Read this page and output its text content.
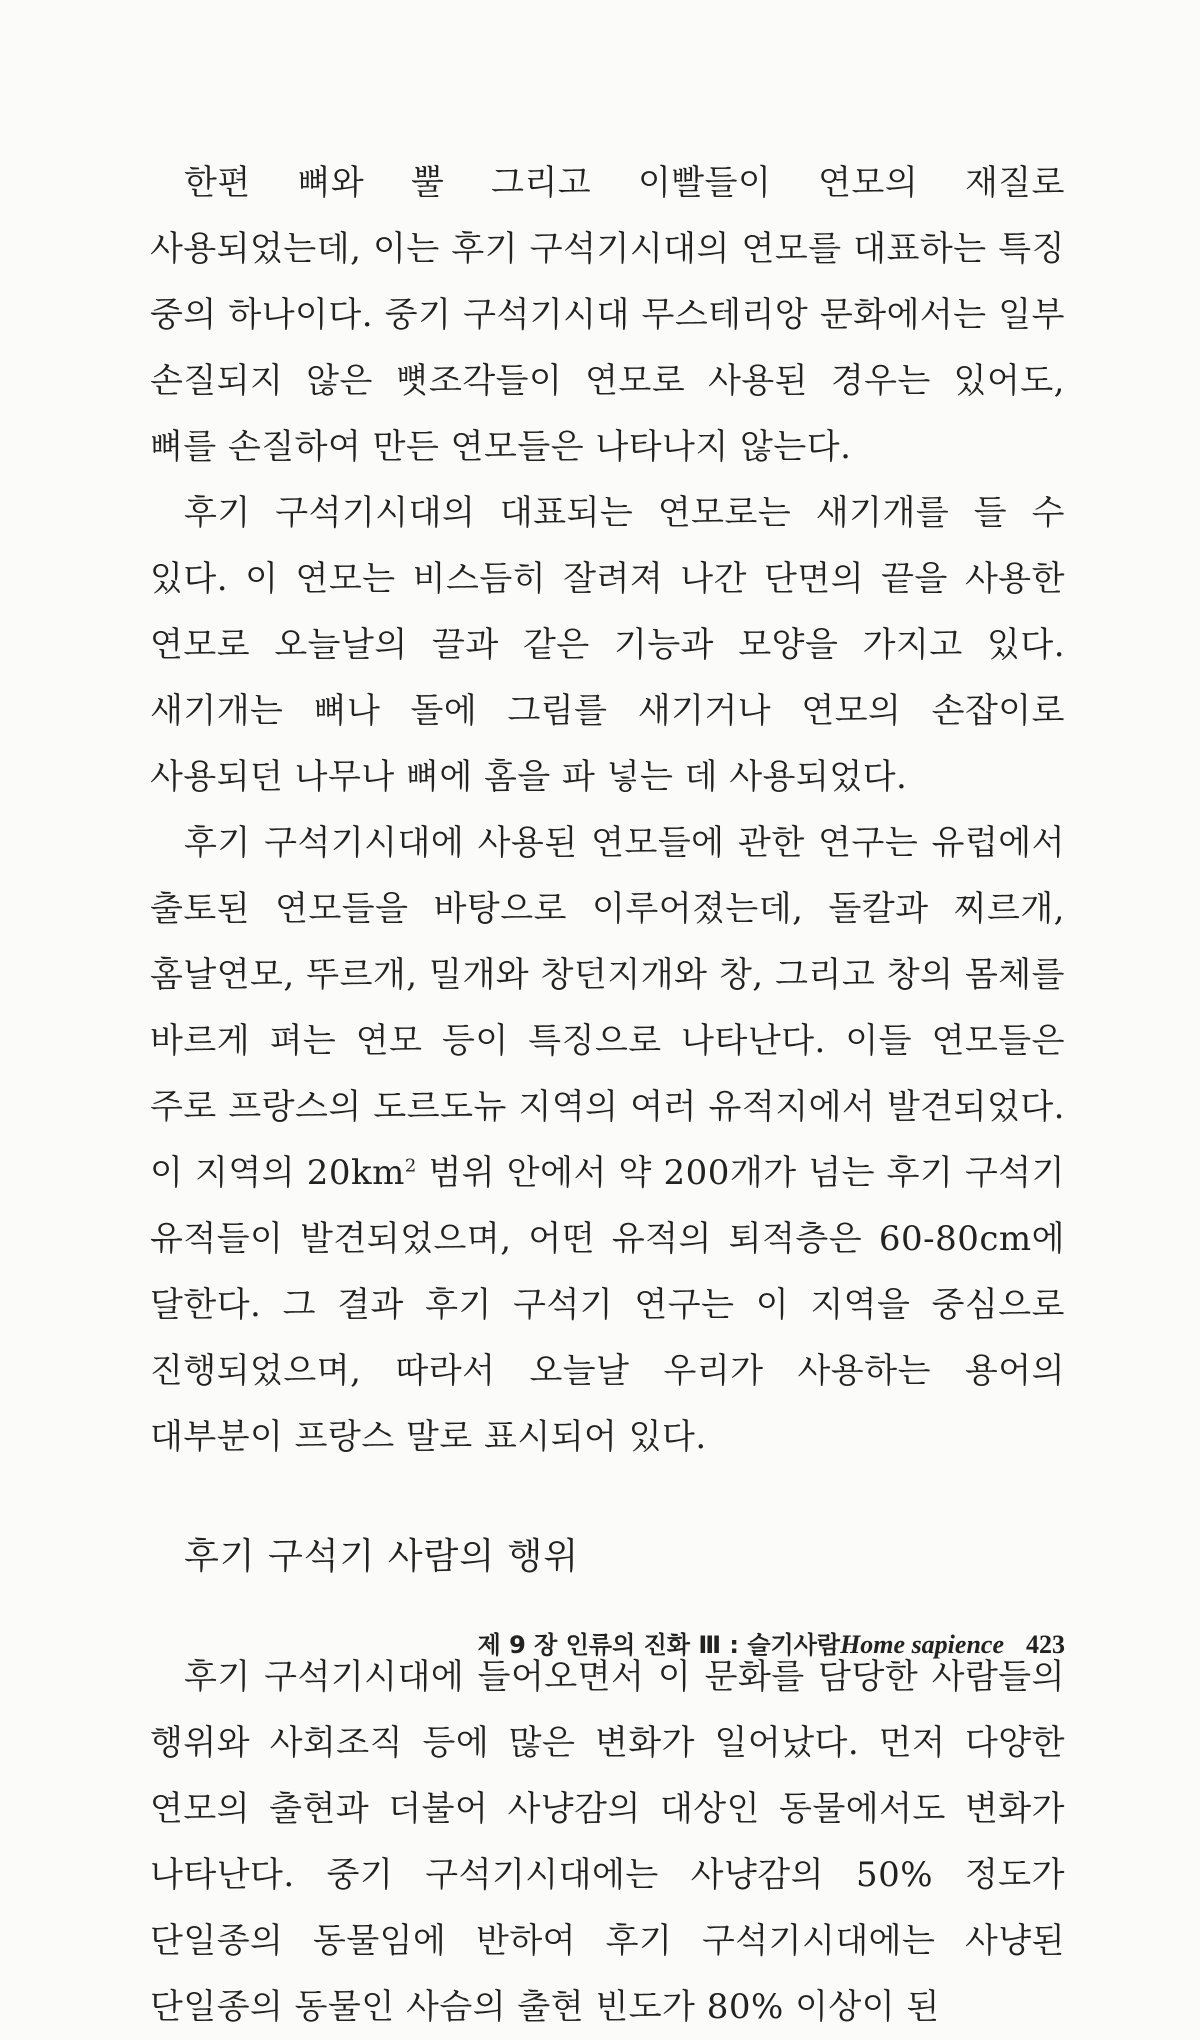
한편 뼈와 뿔 그리고 이빨들이 연모의 재질로 사용되었는데, 이는 후기 구석기시대의 연모를 대표하는 특징 중의 하나이다. 중기 구석기시대 무스테리앙 문화에서는 일부 손질되지 않은 뼛조각들이 연모로 사용된 경우는 있어도, 뼈를 손질하여 만든 연모들은 나타나지 않는다.

후기 구석기시대의 대표되는 연모로는 새기개를 들 수 있다. 이 연모는 비스듬히 잘려져 나간 단면의 끝을 사용한 연모로 오늘날의 끌과 같은 기능과 모양을 가지고 있다. 새기개는 뼈나 돌에 그림를 새기거나 연모의 손잡이로 사용되던 나무나 뼈에 홈을 파 넣는 데 사용되었다.

후기 구석기시대에 사용된 연모들에 관한 연구는 유럽에서 출토된 연모들을 바탕으로 이루어졌는데, 돌칼과 찌르개, 홈날연모, 뚜르개, 밀개와 창던지개와 창, 그리고 창의 몸체를 바르게 펴는 연모 등이 특징으로 나타난다. 이들 연모들은 주로 프랑스의 도르도뉴 지역의 여러 유적지에서 발견되었다. 이 지역의 $20km^2$ 범위 안에서 약 200개가 넘는 후기 구석기 유적들이 발견되었으며, 어떤 유적의 퇴적층은 60-80cm에 달한다. 그 결과 후기 구석기 연구는 이 지역을 중심으로 진행되었으며, 따라서 오늘날 우리가 사용하는 용어의 대부분이 프랑스 말로 표시되어 있다.

후기 구석기 사람의 행위

후기 구석기시대에 들어오면서 이 문화를 담당한 사람들의 행위와 사회조직 등에 많은 변화가 일어났다. 먼저 다양한 연모의 출현과 더불어 사냥감의 대상인 동물에서도 변화가 나타난다. 중기 구석기시대에는 사냥감의 50% 정도가 단일종의 동물임에 반하여 후기 구석기시대에는 사냥된 단일종의 동물인 사슴의 출현 빈도가 80% 이상이 된

제 9 장 인류의 진화 Ⅲ : 슬기사람Home sapience 423
